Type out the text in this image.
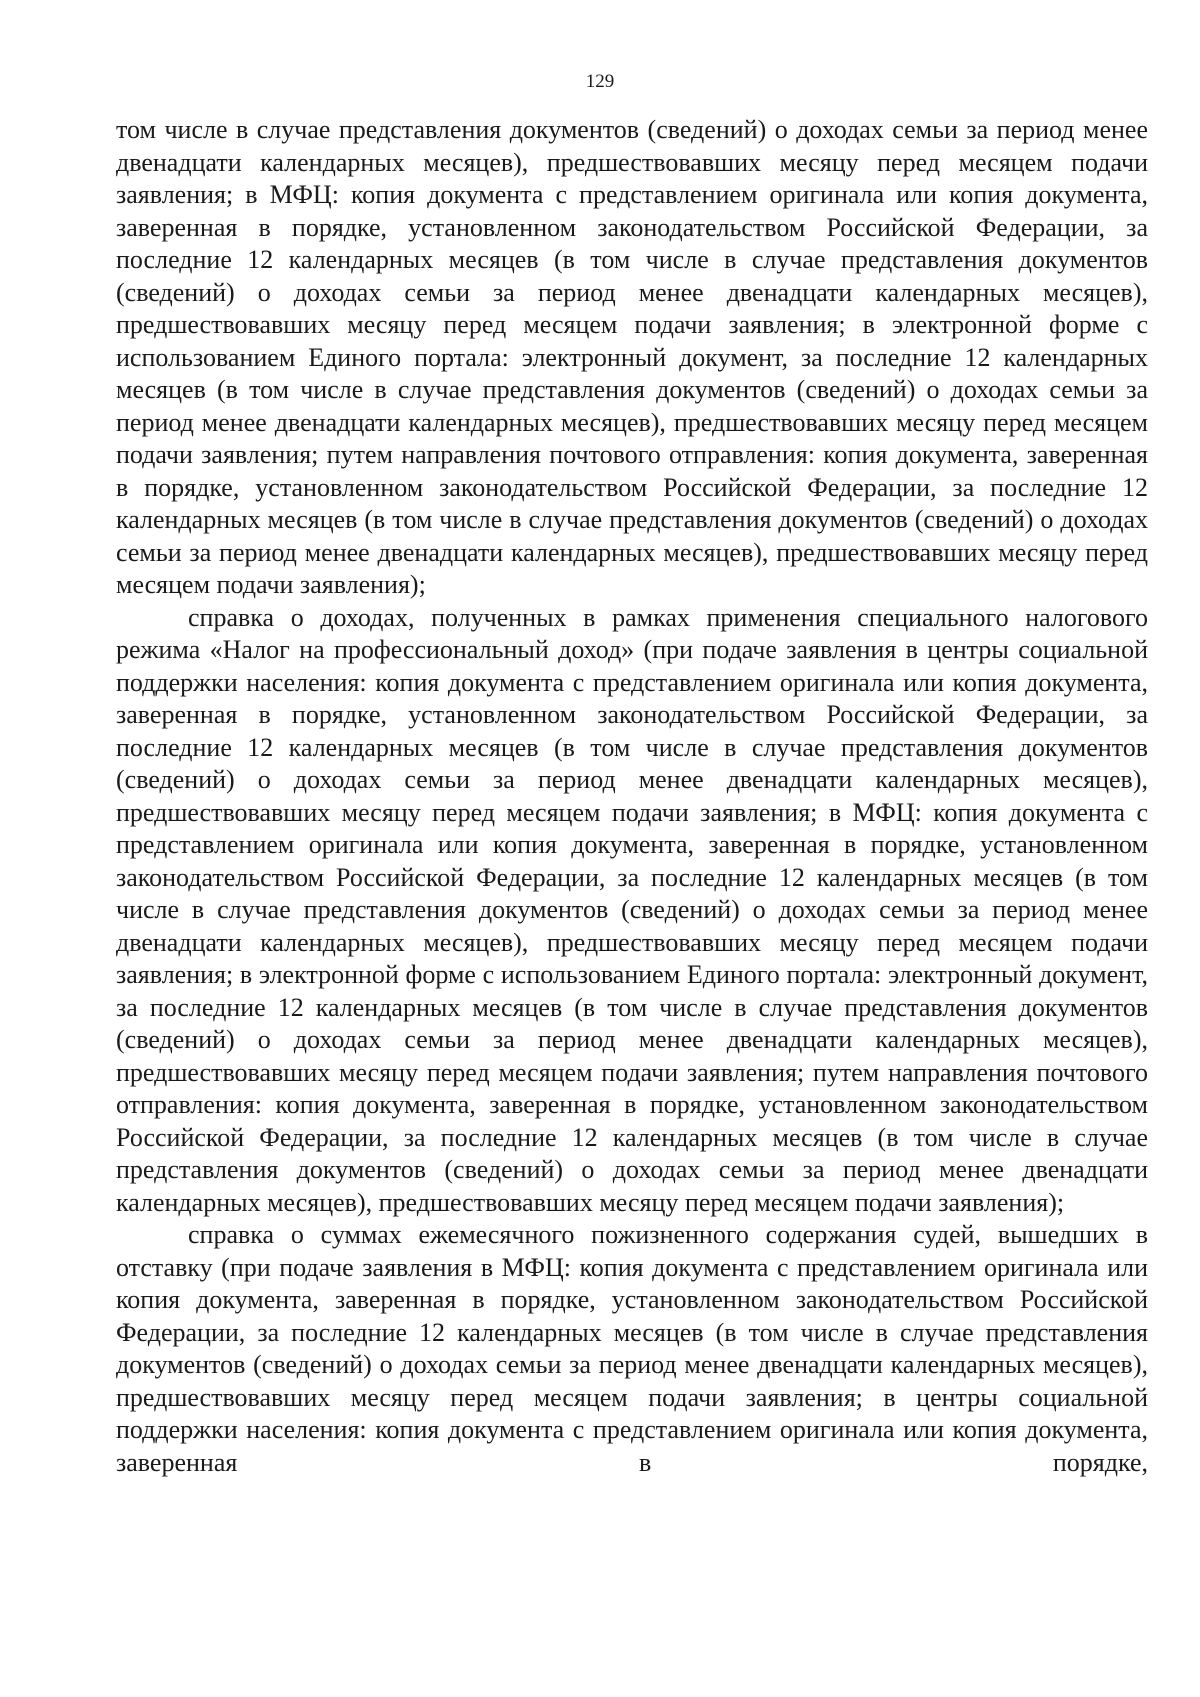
129

том числе в случае представления документов (сведений) о доходах семьи за период менее двенадцати календарных месяцев), предшествовавших месяцу перед месяцем подачи заявления; в МФЦ: копия документа с представлением оригинала или копия документа, заверенная в порядке, установленном законодательством Российской Федерации, за последние 12 календарных месяцев (в том числе в случае представления документов (сведений) о доходах семьи за период менее двенадцати календарных месяцев), предшествовавших месяцу перед месяцем подачи заявления; в электронной форме с использованием Единого портала: электронный документ, за последние 12 календарных месяцев (в том числе в случае представления документов (сведений) о доходах семьи за период менее двенадцати календарных месяцев), предшествовавших месяцу перед месяцем подачи заявления; путем направления почтового отправления: копия документа, заверенная в порядке, установленном законодательством Российской Федерации, за последние 12 календарных месяцев (в том числе в случае представления документов (сведений) о доходах семьи за период менее двенадцати календарных месяцев), предшествовавших месяцу перед месяцем подачи заявления);

справка о доходах, полученных в рамках применения специального налогового режима «Налог на профессиональный доход» (при подаче заявления в центры социальной поддержки населения: копия документа с представлением оригинала или копия документа, заверенная в порядке, установленном законодательством Российской Федерации, за последние 12 календарных месяцев (в том числе в случае представления документов (сведений) о доходах семьи за период менее двенадцати календарных месяцев), предшествовавших месяцу перед месяцем подачи заявления; в МФЦ: копия документа с представлением оригинала или копия документа, заверенная в порядке, установленном законодательством Российской Федерации, за последние 12 календарных месяцев (в том числе в случае представления документов (сведений) о доходах семьи за период менее двенадцати календарных месяцев), предшествовавших месяцу перед месяцем подачи заявления; в электронной форме с использованием Единого портала: электронный документ, за последние 12 календарных месяцев (в том числе в случае представления документов (сведений) о доходах семьи за период менее двенадцати календарных месяцев), предшествовавших месяцу перед месяцем подачи заявления; путем направления почтового отправления: копия документа, заверенная в порядке, установленном законодательством Российской Федерации, за последние 12 календарных месяцев (в том числе в случае представления документов (сведений) о доходах семьи за период менее двенадцати календарных месяцев), предшествовавших месяцу перед месяцем подачи заявления);

справка о суммах ежемесячного пожизненного содержания судей, вышедших в отставку (при подаче заявления в МФЦ: копия документа с представлением оригинала или копия документа, заверенная в порядке, установленном законодательством Российской Федерации, за последние 12 календарных месяцев (в том числе в случае представления документов (сведений) о доходах семьи за период менее двенадцати календарных месяцев), предшествовавших месяцу перед месяцем подачи заявления; в центры социальной поддержки населения: копия документа с представлением оригинала или копия документа, заверенная в порядке,
